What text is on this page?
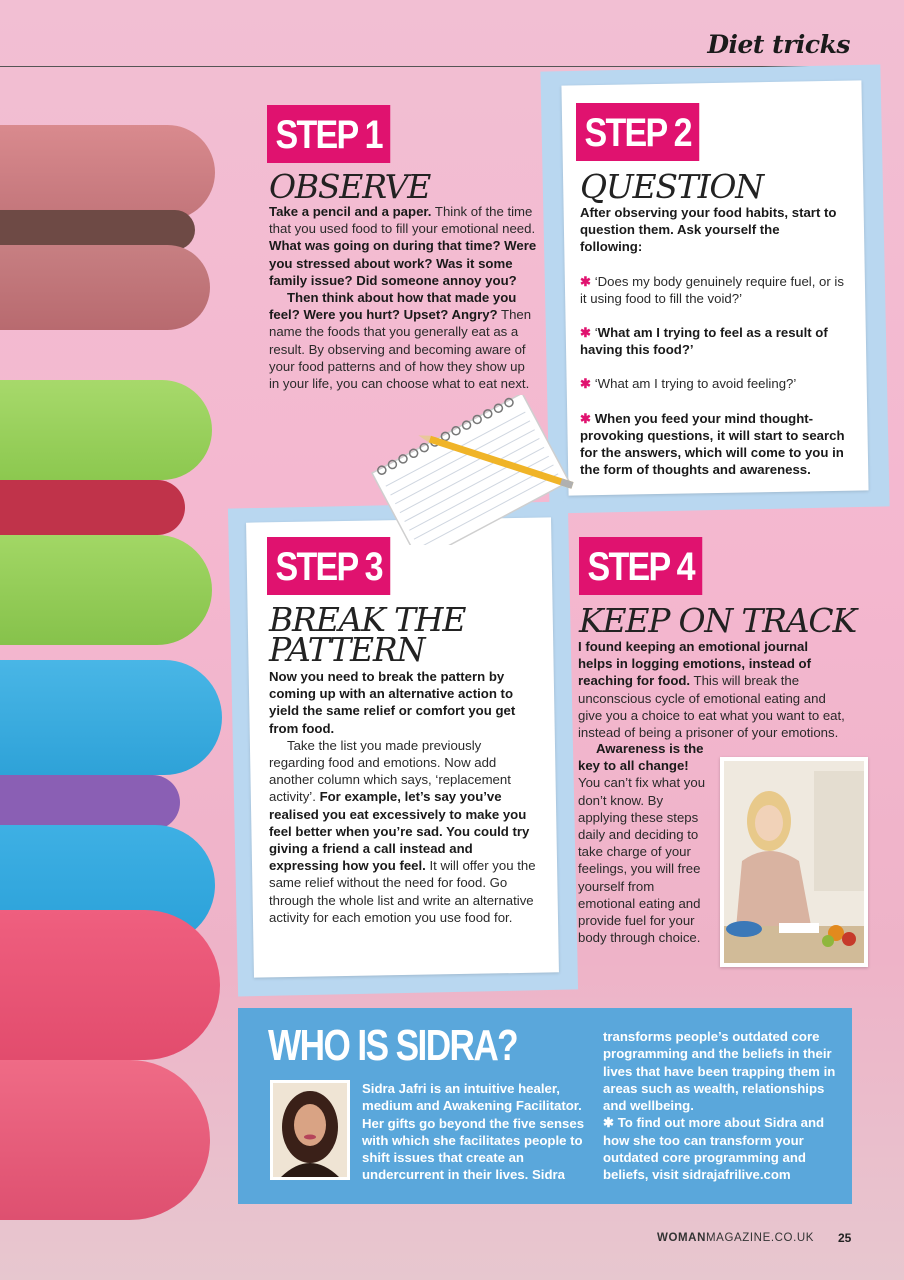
Diet tricks
STEP 1
OBSERVE

Take a pencil and a paper. Think of the time that you used food to fill your emotional need. What was going on during that time? Were you stressed about work? Was it some family issue? Did someone annoy you?

Then think about how that made you feel? Were you hurt? Upset? Angry? Then name the foods that you generally eat as a result. By observing and becoming aware of your food patterns and of how they show up in your life, you can choose what to eat next.

STEP 2
QUESTION

After observing your food habits, start to question them. Ask yourself the following:

✱ ‘Does my body genuinely require fuel, or is it using food to fill the void?’

✱ ‘What am I trying to feel as a result of having this food?’

✱ ‘What am I trying to avoid feeling?’

✱ When you feed your mind thought-provoking questions, it will start to search for the answers, which will come to you in the form of thoughts and awareness.

STEP 3
BREAK THE
PATTERN

Now you need to break the pattern by coming up with an alternative action to yield the same relief or comfort you get from food.

Take the list you made previously regarding food and emotions. Now add another column which says, ‘replacement activity’. For example, let’s say you’ve realised you eat excessively to make you feel better when you’re sad. You could try giving a friend a call instead and expressing how you feel. It will offer you the same relief without the need for food. Go through the whole list and write an alternative activity for each emotion you use food for.

STEP 4
KEEP ON TRACK

I found keeping an emotional journal helps in logging emotions, instead of reaching for food. This will break the unconscious cycle of emotional eating and give you a choice to eat what you want to eat, instead of being a prisoner of your emotions.

Awareness is the key to all change! You can’t fix what you don’t know. By applying these steps daily and deciding to take charge of your feelings, you will free yourself from emotional eating and provide fuel for your body through choice.

WHO IS SIDRA?
Sidra Jafri is an intuitive healer, medium and Awakening Facilitator. Her gifts go beyond the five senses with which she facilitates people to shift issues that create an undercurrent in their lives. Sidra

transforms people’s outdated core programming and the beliefs in their lives that have been trapping them in areas such as wealth, relationships and wellbeing.

✱ To find out more about Sidra and how she too can transform your outdated core programming and beliefs, visit sidrajafrilive.com

WOMANMAGAZINE.CO.UK 25
